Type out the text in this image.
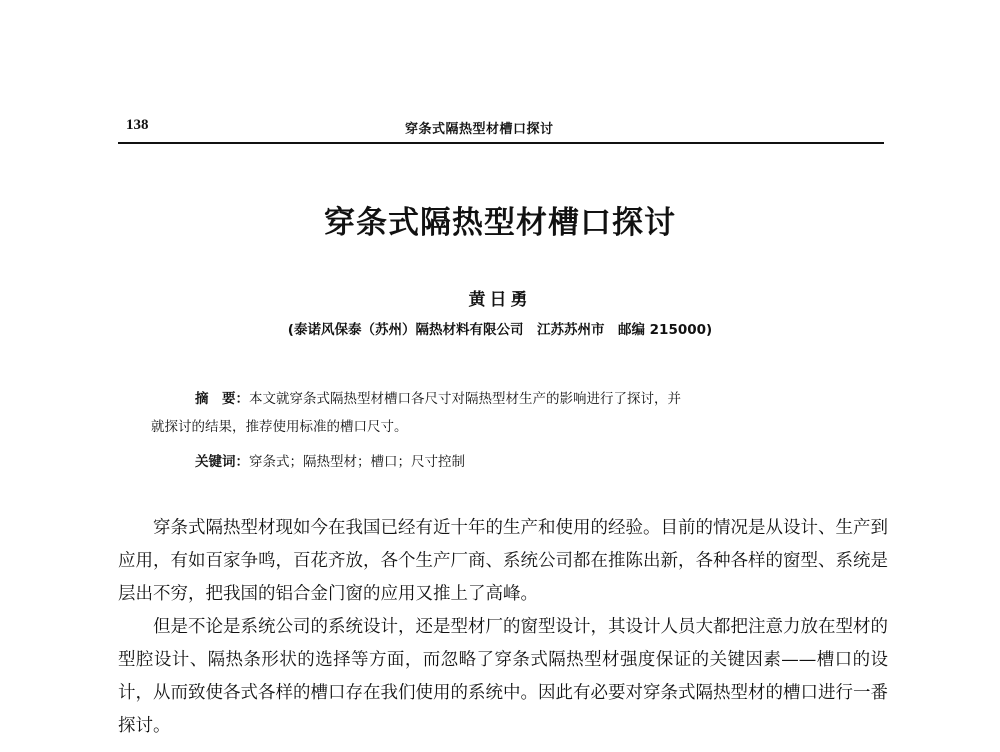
138	穿条式隔热型材槽口探讨
穿条式隔热型材槽口探讨
黄日勇
(泰诺风保泰（苏州）隔热材料有限公司　江苏苏州市　邮编 215000)
摘　要：本文就穿条式隔热型材槽口各尺寸对隔热型材生产的影响进行了探讨，并
就探讨的结果，推荐使用标准的槽口尺寸。
关键词：穿条式；隔热型材；槽口；尺寸控制

穿条式隔热型材现如今在我国已经有近十年的生产和使用的经验。目前的情况是从设计、生产到应用，有如百家争鸣，百花齐放，各个生产厂商、系统公司都在推陈出新，各种各样的窗型、系统是层出不穷，把我国的铝合金门窗的应用又推上了高峰。

但是不论是系统公司的系统设计，还是型材厂的窗型设计，其设计人员大都把注意力放在型材的型腔设计、隔热条形状的选择等方面，而忽略了穿条式隔热型材强度保证的关键因素——槽口的设计，从而致使各式各样的槽口存在我们使用的系统中。因此有必要对穿条式隔热型材的槽口进行一番探讨。
